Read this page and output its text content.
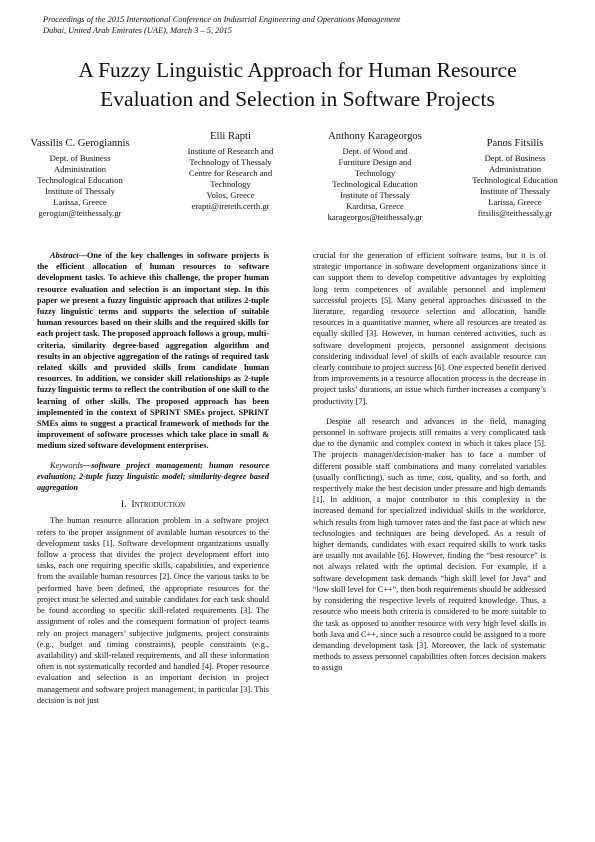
Proceedings of the 2015 International Conference on Industrial Engineering and Operations Management
Dubai, United Arab Emirates (UAE), March 3 – 5, 2015
A Fuzzy Linguistic Approach for Human Resource
Evaluation and Selection in Software Projects
Vassilis C. Gerogiannis
Dept. of Business
Administration
Technological Education
Institute of Thessaly
Larissa, Greece
gerogian@teithessaly.gr
Elli Rapti
Institute of Research and
Technology of Thessaly
Centre for Research and
Technology
Volos, Greece
erapti@ireteth.certh.gr
Anthony Karageorgos
Dept. of Wood and
Furniture Design and
Technology
Technological Education
Institute of Thessaly
Karditsa, Greece
karageorgos@teithessaly.gr
Panos Fitsilis
Dept. of Business
Administration
Technological Education
Institute of Thessaly
Larissa, Greece
fitsilis@teithessaly.gr

Abstract—One of the key challenges in software projects is the efficient allocation of human resources to software development tasks. To achieve this challenge, the proper human resource evaluation and selection is an important step. In this paper we present a fuzzy linguistic approach that utilizes 2-tuple fuzzy linguistic terms and supports the selection of suitable human resources based on their skills and the required skills for each project task. The proposed approach follows a group, multi-criteria, similarity degree-based aggregation algorithm and results in an objective aggregation of the ratings of required task related skills and provided skills from candidate human resources. In addition, we consider skill relationships as 2-tuple fuzzy linguistic terms to reflect the contribution of one skill to the learning of other skills. The proposed approach has been implemented in the context of SPRINT SMEs project. SPRINT SMEs aims to suggest a practical framework of methods for the improvement of software processes which take place in small & medium sized software development enterprises.

Keywords—software project management; human resource evaluation; 2-tuple fuzzy linguistic model; similarity-degree based aggregation

I. Introduction

The human resource allocation problem in a software project refers to the proper assignment of available human resources to the development tasks [1]. Software development organizations usually follow a process that divides the project development effort into tasks, each one requiring specific skills, capabilities, and experience from the available human resources [2]. Once the various tasks to be performed have been defined, the appropriate resources for the project must be selected and suitable candidates for each task should be found according to specific skill-related requirements [3]. The assignment of roles and the consequent formation of project teams rely on project managers’ subjective judgments, project constraints (e.g., budget and timing constraints), people constraints (e.g., availability) and skill-related requirements, and all these information often is not systematically recorded and handled [4]. Proper resource evaluation and selection is an important decision in project management and software project management, in particular [3]. This decision is not just

crucial for the generation of efficient software teams, but it is of strategic importance in software development organizations since it can support them to develop competitive advantages by exploiting long term competences of available personnel and implement successful projects [5]. Many general approaches discussed in the literature, regarding resource selection and allocation, handle resources in a quantitative manner, where all resources are treated as equally skilled [3]. However, in human centered activities, such as software development projects, personnel assignment decisions considering individual level of skills of each available resource can clearly contribute to project success [6]. One expected benefit derived from improvements in a resource allocation process is the decrease in project tasks’ durations, an issue which further increases a company’s productivity [7].

Despite all research and advances in the field, managing personnel in software projects still remains a very complicated task due to the dynamic and complex context in which it takes place [5]. The projects manager/decision-maker has to face a number of different possible staff combinations and many correlated variables (usually conflicting), such as time, cost, quality, and so forth, and respectively make the best decision under pressure and high demands [1]. In addition, a major contributor to this complexity is the increased demand for specialized individual skills in the workforce, which results from high turnover rates and the fast pace at which new technologies and techniques are being developed. As a result of higher demands, candidates with exact required skills to work tasks are usually not available [6]. However, finding the “best resource” is not always related with the optimal decision. For example, if a software development task demands “high skill level for Java” and “low skill level for C++”, then both requirements should be addressed by considering the respective levels of required knowledge. Thus, a resource who meets both criteria is considered to be more suitable to the task as opposed to another resource with very high level skills in both Java and C++, since such a resource could be assigned to a more demanding development task [3]. Moreover, the lack of systematic methods to assess personnel capabilities often forces decision makers to assign
